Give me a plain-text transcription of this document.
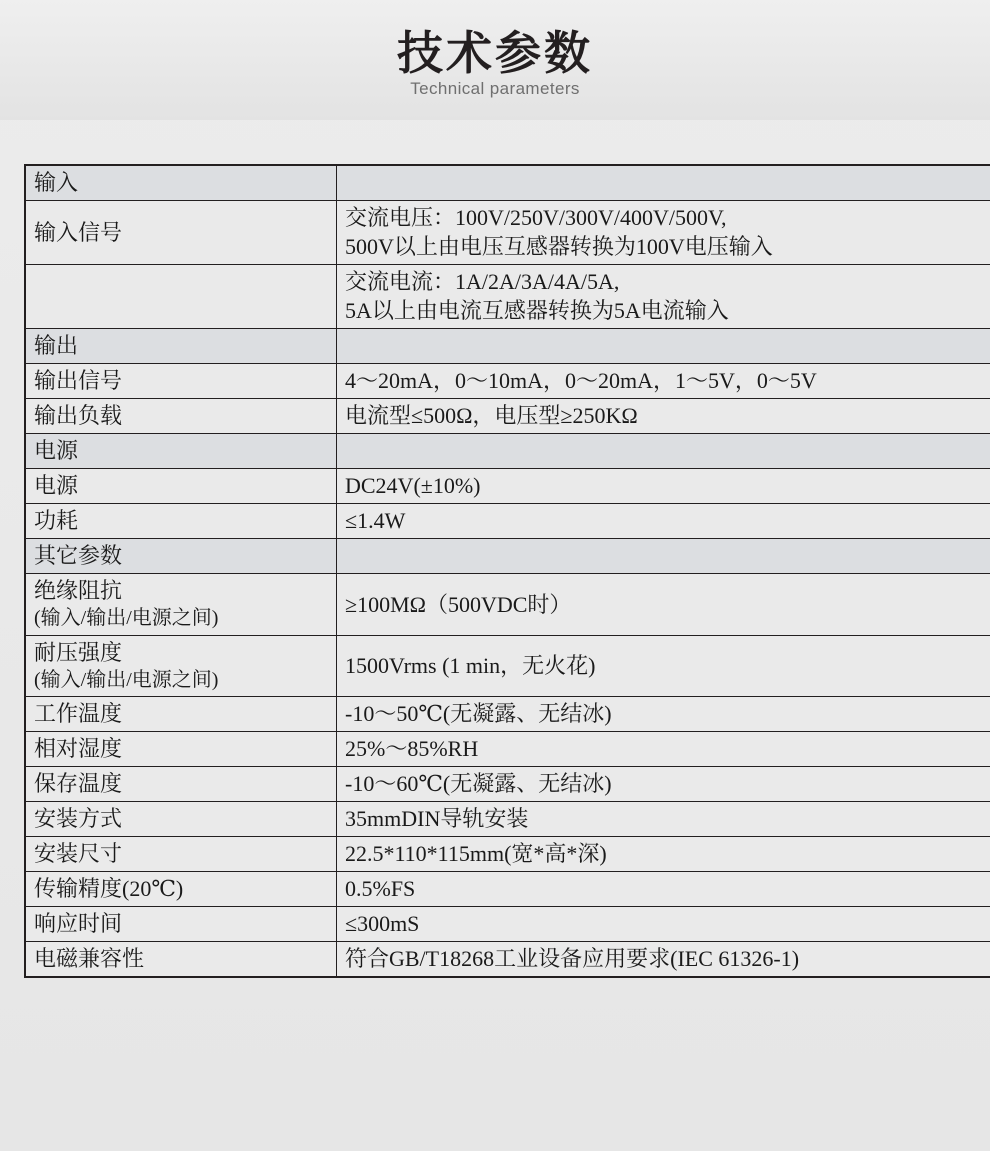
技术参数
Technical parameters
输入	
输入信号	交流电压：100V/250V/300V/400V/500V,
500V以上由电压互感器转换为100V电压输入

	交流电流：1A/2A/3A/4A/5A,
5A以上由电流互感器转换为5A电流输入

输出	
输出信号	4～20mA，0～10mA，0～20mA，1～5V，0～5V

输出负载	电流型≤500Ω，电压型≥250KΩ

电源	
电源	DC24V(±10%)

功耗	≤1.4W

其它参数	

绝缘阻抗
(输入/输出/电源之间)	≥100MΩ（500VDC时）

耐压强度
(输入/输出/电源之间)	1500Vrms (1 min，无火花)

工作温度	-10～50℃(无凝露、无结冰)

相对湿度	25%～85%RH

保存温度	-10～60℃(无凝露、无结冰)

安装方式	35mmDIN导轨安装

安装尺寸	22.5*110*115mm(宽*高*深)

传输精度(20℃)	0.5%FS

响应时间	≤300mS

电磁兼容性	符合GB/T18268工业设备应用要求(IEC 61326-1)
